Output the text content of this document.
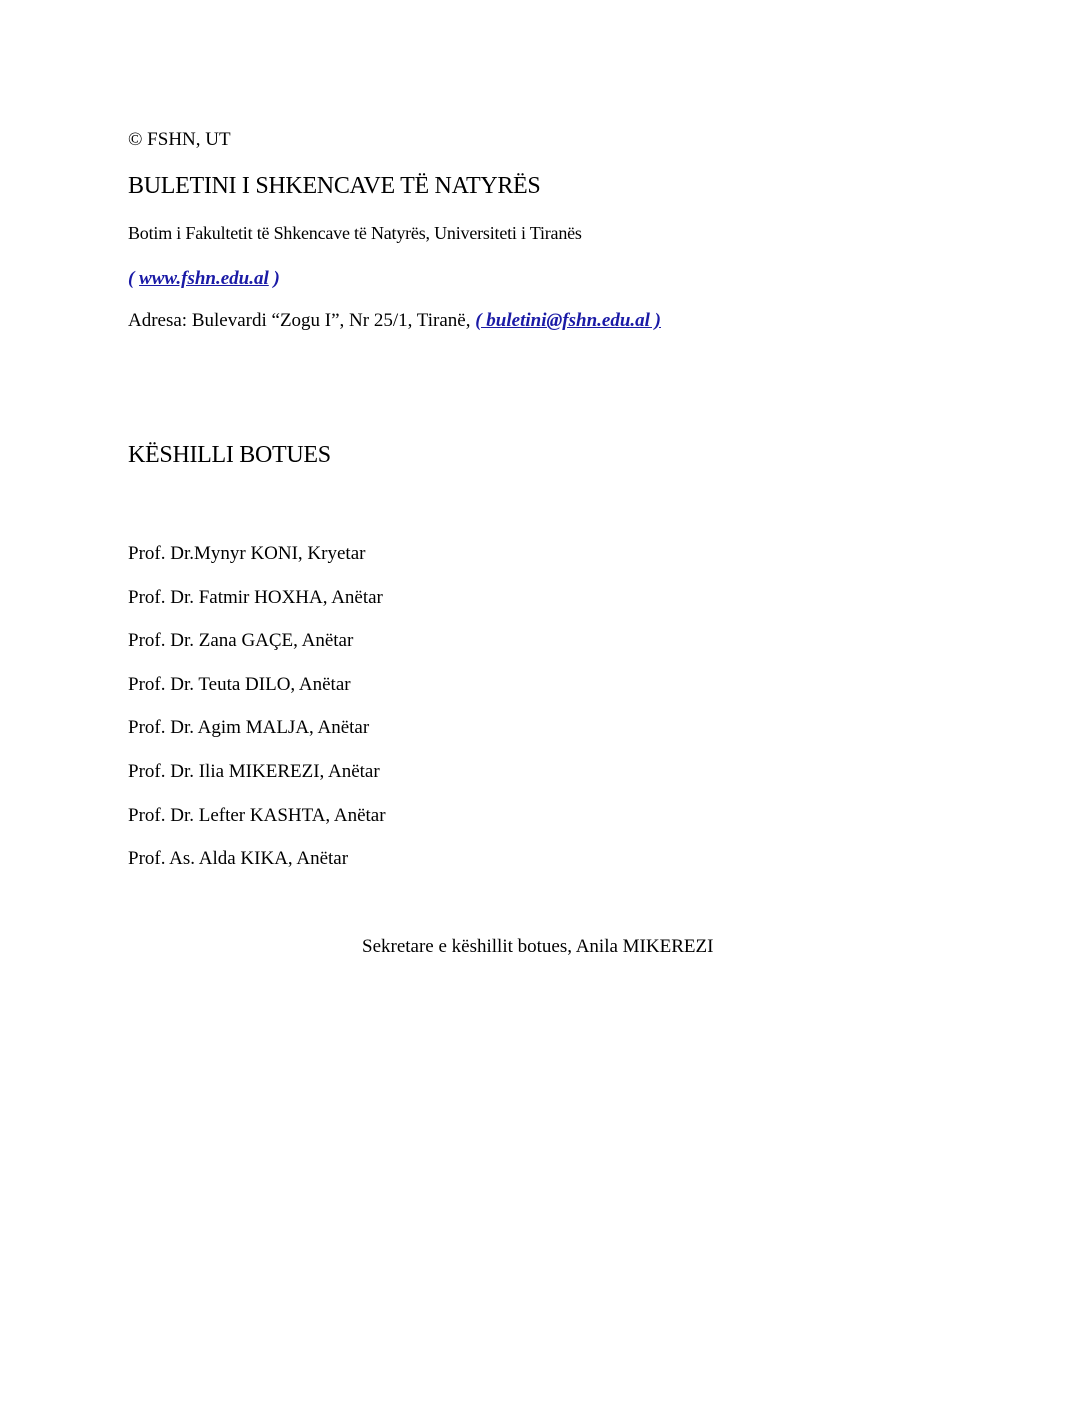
© FSHN, UT
BULETINI I SHKENCAVE TË NATYRËS
Botim i Fakultetit të Shkencave të Natyrës, Universiteti i Tiranës
( www.fshn.edu.al )
Adresa: Bulevardi “Zogu I”, Nr 25/1, Tiranë, ( buletini@fshn.edu.al )
KËSHILLI BOTUES
Prof. Dr.Mynyr KONI, Kryetar
Prof. Dr. Fatmir HOXHA, Anëtar
Prof. Dr. Zana GAÇE, Anëtar
Prof. Dr. Teuta DILO, Anëtar
Prof. Dr. Agim MALJA, Anëtar
Prof. Dr. Ilia MIKEREZI, Anëtar
Prof. Dr. Lefter KASHTA, Anëtar
Prof. As. Alda KIKA, Anëtar
Sekretare e këshillit botues, Anila MIKEREZI
